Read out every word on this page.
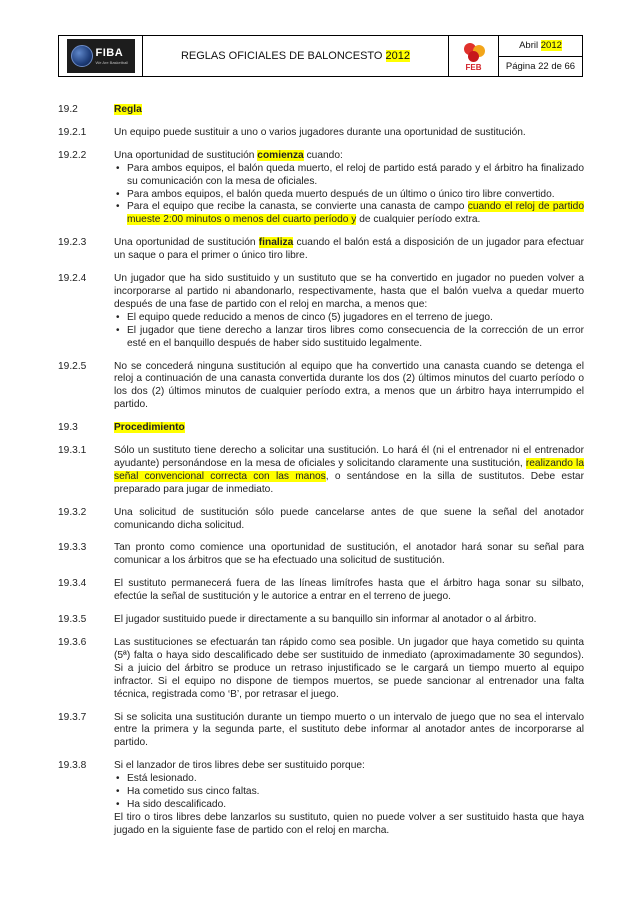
FIBA
We Are Basketball	REGLAS OFICIALES DE BALONCESTO 2012
FEB
Abril 2012
Página 22 de 66
19.2	Regla
19.2.1	Un equipo puede sustituir a uno o varios jugadores durante una oportunidad de sustitución.
19.2.2	Una oportunidad de sustitución comienza cuando:
• Para ambos equipos, el balón queda muerto, el reloj de partido está parado y el árbitro ha finalizado su comunicación con la mesa de oficiales.
• Para ambos equipos, el balón queda muerto después de un último o único tiro libre convertido.
• Para el equipo que recibe la canasta, se convierte una canasta de campo cuando el reloj de partido mueste 2:00 minutos o menos del cuarto período y de cualquier período extra.
19.2.3	Una oportunidad de sustitución finaliza cuando el balón está a disposición de un jugador para efectuar un saque o para el primer o único tiro libre.
19.2.4	Un jugador que ha sido sustituido y un sustituto que se ha convertido en jugador no pueden volver a incorporarse al partido ni abandonarlo, respectivamente, hasta que el balón vuelva a quedar muerto después de una fase de partido con el reloj en marcha, a menos que:
• El equipo quede reducido a menos de cinco (5) jugadores en el terreno de juego.
• El jugador que tiene derecho a lanzar tiros libres como consecuencia de la corrección de un error esté en el banquillo después de haber sido sustituido legalmente.
19.2.5	No se concederá ninguna sustitución al equipo que ha convertido una canasta cuando se detenga el reloj a continuación de una canasta convertida durante los dos (2) últimos minutos del cuarto período o los dos (2) últimos minutos de cualquier período extra, a menos que un árbitro haya interrumpido el partido.
19.3	Procedimiento
19.3.1	Sólo un sustituto tiene derecho a solicitar una sustitución. Lo hará él (ni el entrenador ni el entrenador ayudante) personándose en la mesa de oficiales y solicitando claramente una sustitución, realizando la señal convencional correcta con las manos, o sentándose en la silla de sustitutos. Debe estar preparado para jugar de inmediato.
19.3.2	Una solicitud de sustitución sólo puede cancelarse antes de que suene la señal del anotador comunicando dicha solicitud.
19.3.3	Tan pronto como comience una oportunidad de sustitución, el anotador hará sonar su señal para comunicar a los árbitros que se ha efectuado una solicitud de sustitución.
19.3.4	El sustituto permanecerá fuera de las líneas limítrofes hasta que el árbitro haga sonar su silbato, efectúe la señal de sustitución y le autorice a entrar en el terreno de juego.
19.3.5	El jugador sustituido puede ir directamente a su banquillo sin informar al anotador o al árbitro.
19.3.6	Las sustituciones se efectuarán tan rápido como sea posible. Un jugador que haya cometido su quinta (5ª) falta o haya sido descalificado debe ser sustituido de inmediato (aproximadamente 30 segundos). Si a juicio del árbitro se produce un retraso injustificado se le cargará un tiempo muerto al equipo infractor. Si el equipo no dispone de tiempos muertos, se puede sancionar al entrenador una falta técnica, registrada como ‘B’, por retrasar el juego.
19.3.7	Si se solicita una sustitución durante un tiempo muerto o un intervalo de juego que no sea el intervalo entre la primera y la segunda parte, el sustituto debe informar al anotador antes de incorporarse al partido.
19.3.8	Si el lanzador de tiros libres debe ser sustituido porque:
• Está lesionado.
• Ha cometido sus cinco faltas.
• Ha sido descalificado.
El tiro o tiros libres debe lanzarlos su sustituto, quien no puede volver a ser sustituido hasta que haya jugado en la siguiente fase de partido con el reloj en marcha.
